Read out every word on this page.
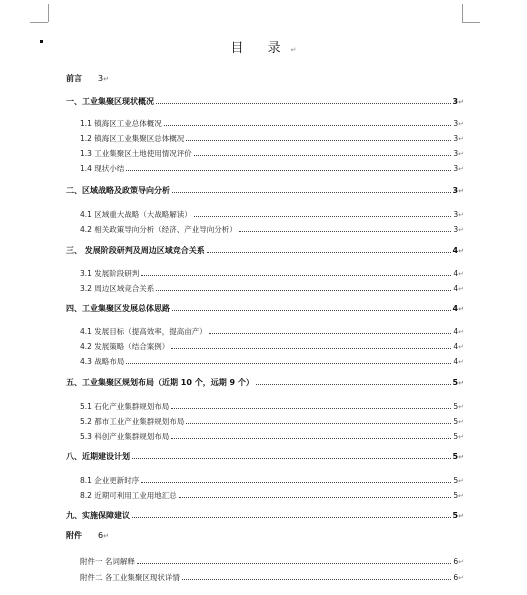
目 录↵
前言 3 ↵
一、工业集聚区现状概况	3 ↵
1.1 镇海区工业总体概况	3 ↵
1.2 镇海区工业集聚区总体概况	3 ↵
1.3 工业集聚区土地使用情况评价	3 ↵
1.4 现状小结	3 ↵
二、区域战略及政策导向分析	3 ↵
4.1 区域重大战略（大战略解读）	3 ↵
4.2 相关政策导向分析（经济、产业导向分析）	3 ↵
三、 发展阶段研判及周边区域竞合关系	4 ↵
3.1 发展阶段研判	4 ↵
3.2 周边区域竞合关系	4 ↵
四、工业集聚区发展总体思路	4 ↵
4.1 发展目标（提高效率，提高亩产）	4 ↵
4.2 发展策略（结合案例）	4 ↵
4.3 战略布局	4 ↵
五、工业集聚区规划布局（近期 10 个，远期 9 个）	5 ↵
5.1 石化产业集群规划布局	5 ↵
5.2 都市工业产业集群规划布局	5 ↵
5.3 科创产业集群规划布局	5 ↵
八、近期建设计划	5 ↵
8.1 企业更新时序	5 ↵
8.2 近期可利用工业用地汇总	5 ↵
九、实施保障建议	5 ↵
附件 6 ↵
附件一 名词解释	6 ↵
附件二 各工业集聚区现状详情	6 ↵
